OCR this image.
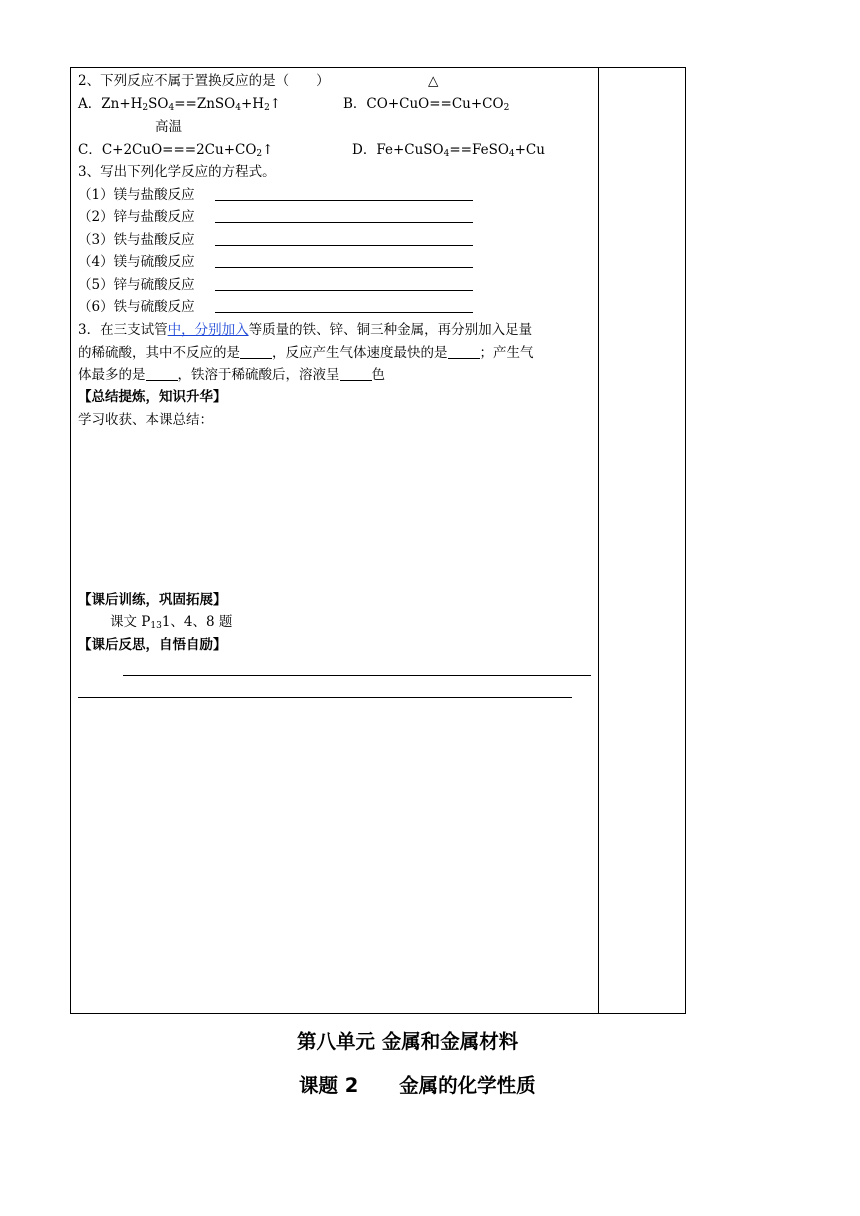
2、下列反应不属于置换反应的是（　　）	△
A．$Zn+H_2SO_4==ZnSO_4+H_2↑$	B．$CO+CuO==Cu+CO_2$
高温
C．$C+2CuO===2Cu+CO_2↑$	D．Fe+CuSO$_4$==FeSO$_4$+Cu
3、写出下列化学反应的方程式。
（1）镁与盐酸反应
（2）锌与盐酸反应
（3）铁与盐酸反应
（4）镁与硫酸反应
（5）锌与硫酸反应
（6）铁与硫酸反应
3．在三支试管中，分别加入等质量的铁、锌、铜三种金属，再分别加入足量
的稀硫酸，其中不反应的是 ，反应产生气体速度最快的是 ；产生气
体最多的是 ，铁溶于稀硫酸后，溶液呈 色
【总结提炼，知识升华】
学习收获、本课总结：
【课后训练，巩固拓展】
课文 $P_{13}1$、4、8 题
【课后反思，自悟自励】
第八单元 金属和金属材料
课题 2      金属的化学性质
